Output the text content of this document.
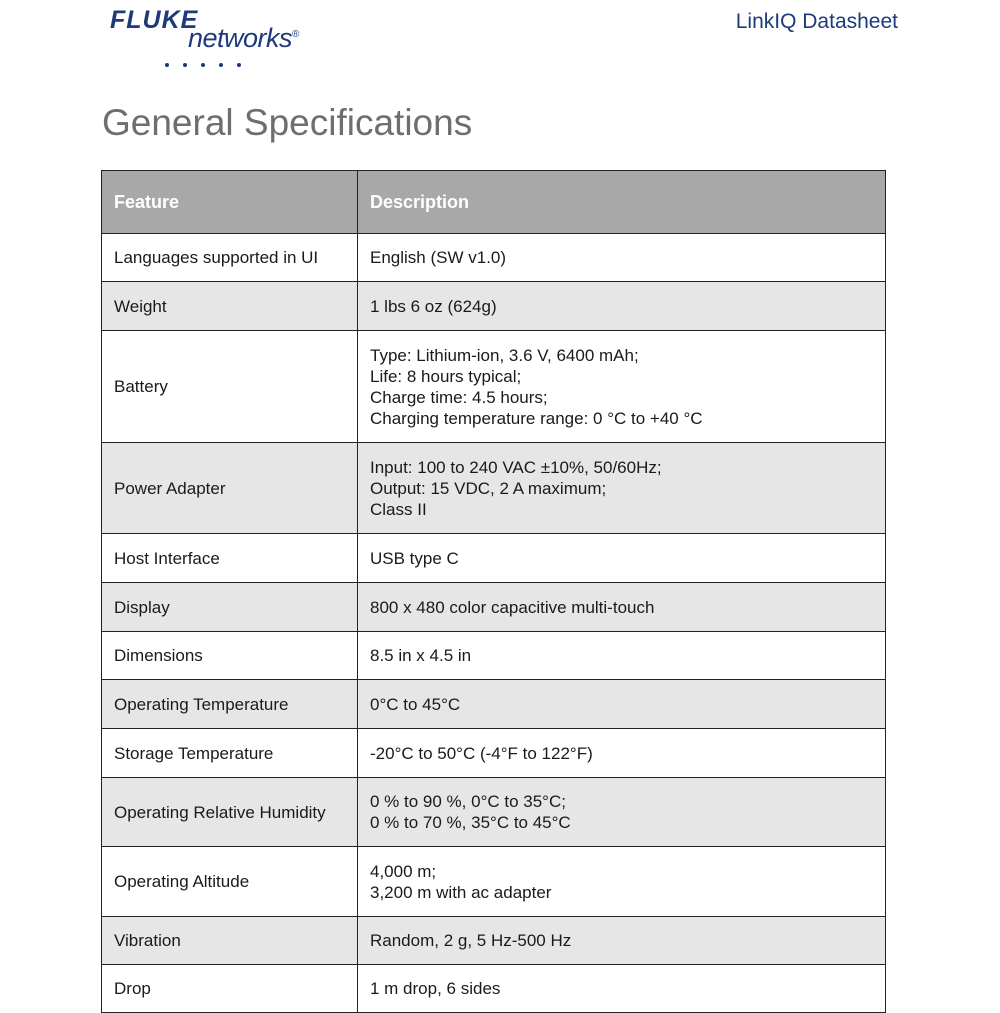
FLUKE
networks®
LinkIQ Datasheet
General Specifications
Feature	Description
Languages supported in UI	English (SW v1.0)

Weight	1 lbs 6 oz (624g)

Battery	Type: Lithium-ion, 3.6 V, 6400 mAh;
Life: 8 hours typical;
Charge time: 4.5 hours;
Charging temperature range: 0 °C to +40 °C

Power Adapter	Input: 100 to 240 VAC ±10%, 50/60Hz;
Output: 15 VDC, 2 A maximum;
Class II

Host Interface	USB type C

Display	800 x 480 color capacitive multi-touch

Dimensions	8.5 in x 4.5 in

Operating Temperature	0°C to 45°C

Storage Temperature	-20°C to 50°C (-4°F to 122°F)

Operating Relative Humidity	0 % to 90 %, 0°C to 35°C;
0 % to 70 %, 35°C to 45°C

Operating Altitude	4,000 m;
3,200 m with ac adapter

Vibration	Random, 2 g, 5 Hz-500 Hz

Drop	1 m drop, 6 sides
